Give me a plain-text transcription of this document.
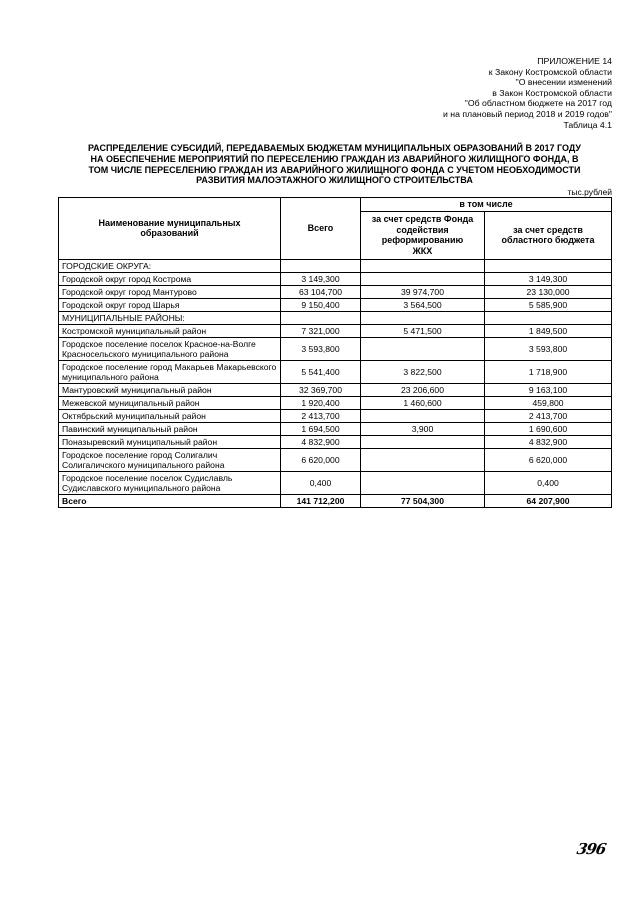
ПРИЛОЖЕНИЕ 14
к Закону Костромской области
"О внесении изменений
в Закон Костромской области
"Об областном бюджете на 2017 год
и на плановый период 2018 и 2019 годов"
Таблица 4.1
РАСПРЕДЕЛЕНИЕ СУБСИДИЙ, ПЕРЕДАВАЕМЫХ БЮДЖЕТАМ МУНИЦИПАЛЬНЫХ ОБРАЗОВАНИЙ В 2017 ГОДУ
НА ОБЕСПЕЧЕНИЕ МЕРОПРИЯТИЙ ПО ПЕРЕСЕЛЕНИЮ ГРАЖДАН ИЗ АВАРИЙНОГО ЖИЛИЩНОГО ФОНДА, В
ТОМ ЧИСЛЕ ПЕРЕСЕЛЕНИЮ ГРАЖДАН ИЗ АВАРИЙНОГО ЖИЛИЩНОГО ФОНДА С УЧЕТОМ НЕОБХОДИМОСТИ
РАЗВИТИЯ МАЛОЭТАЖНОГО ЖИЛИЩНОГО СТРОИТЕЛЬСТВА
тыс.рублей
Наименование муниципальных образований	Всего	в том числе	
		за счет средств Фонда содействия реформированию ЖКХ	за счет средств областного бюджета
ГОРОДСКИЕ ОКРУГА:			
Городской округ город Кострома	3 149,300		3 149,300
Городской округ город Мантурово	63 104,700	39 974,700	23 130,000
Городской округ город Шарья	9 150,400	3 564,500	5 585,900
МУНИЦИПАЛЬНЫЕ РАЙОНЫ:			
Костромской муниципальный район	7 321,000	5 471,500	1 849,500
Городское поселение поселок Красное-на-Волге Красносельского муниципального района	3 593,800		3 593,800
Городское поселение город Макарьев Макарьевского муниципального района	5 541,400	3 822,500	1 718,900
Мантуровский муниципальный район	32 369,700	23 206,600	9 163,100
Межевской муниципальный район	1 920,400	1 460,600	459,800
Октябрьский муниципальный район	2 413,700		2 413,700
Павинский муниципальный район	1 694,500	3,900	1 690,600
Поназыревский муниципальный район	4 832,900		4 832,900
Городское поселение город Солигалич Солигаличского муниципального района	6 620,000		6 620,000
Городское поселение поселок Судиславль Судиславского муниципального района	0,400		0,400
Всего	141 712,200	77 504,300	64 207,900
396
